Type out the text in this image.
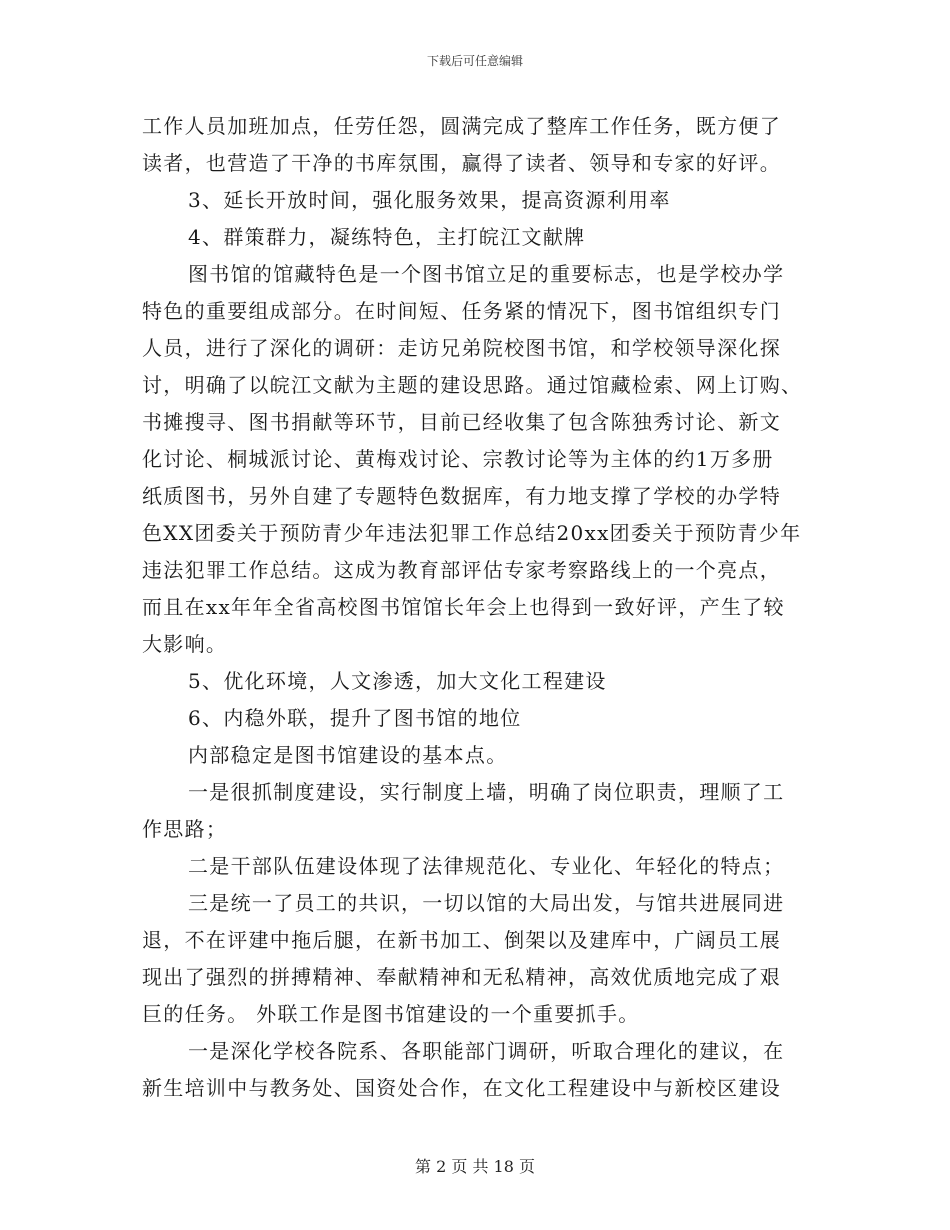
下载后可任意编辑
工作人员加班加点，任劳任怨，圆满完成了整库工作任务，既方便了
读者，也营造了干净的书库氛围，赢得了读者、领导和专家的好评。
3、延长开放时间，强化服务效果，提高资源利用率
4、群策群力，凝练特色，主打皖江文献牌
图书馆的馆藏特色是一个图书馆立足的重要标志，也是学校办学
特色的重要组成部分。在时间短、任务紧的情况下，图书馆组织专门
人员，进行了深化的调研：走访兄弟院校图书馆，和学校领导深化探
讨，明确了以皖江文献为主题的建设思路。通过馆藏检索、网上订购、
书摊搜寻、图书捐献等环节，目前已经收集了包含陈独秀讨论、新文
化讨论、桐城派讨论、黄梅戏讨论、宗教讨论等为主体的约1万多册
纸质图书，另外自建了专题特色数据库，有力地支撑了学校的办学特
色XX团委关于预防青少年违法犯罪工作总结20xx团委关于预防青少年
违法犯罪工作总结。这成为教育部评估专家考察路线上的一个亮点，
而且在xx年年全省高校图书馆馆长年会上也得到一致好评，产生了较
大影响。
5、优化环境，人文渗透，加大文化工程建设
6、内稳外联，提升了图书馆的地位
内部稳定是图书馆建设的基本点。
一是很抓制度建设，实行制度上墙，明确了岗位职责，理顺了工
作思路；
二是干部队伍建设体现了法律规范化、专业化、年轻化的特点；
三是统一了员工的共识，一切以馆的大局出发，与馆共进展同进
退，不在评建中拖后腿，在新书加工、倒架以及建库中，广阔员工展
现出了强烈的拼搏精神、奉献精神和无私精神，高效优质地完成了艰
巨的任务。 外联工作是图书馆建设的一个重要抓手。
一是深化学校各院系、各职能部门调研，听取合理化的建议，在
新生培训中与教务处、国资处合作，在文化工程建设中与新校区建设
第 2 页 共 18 页
